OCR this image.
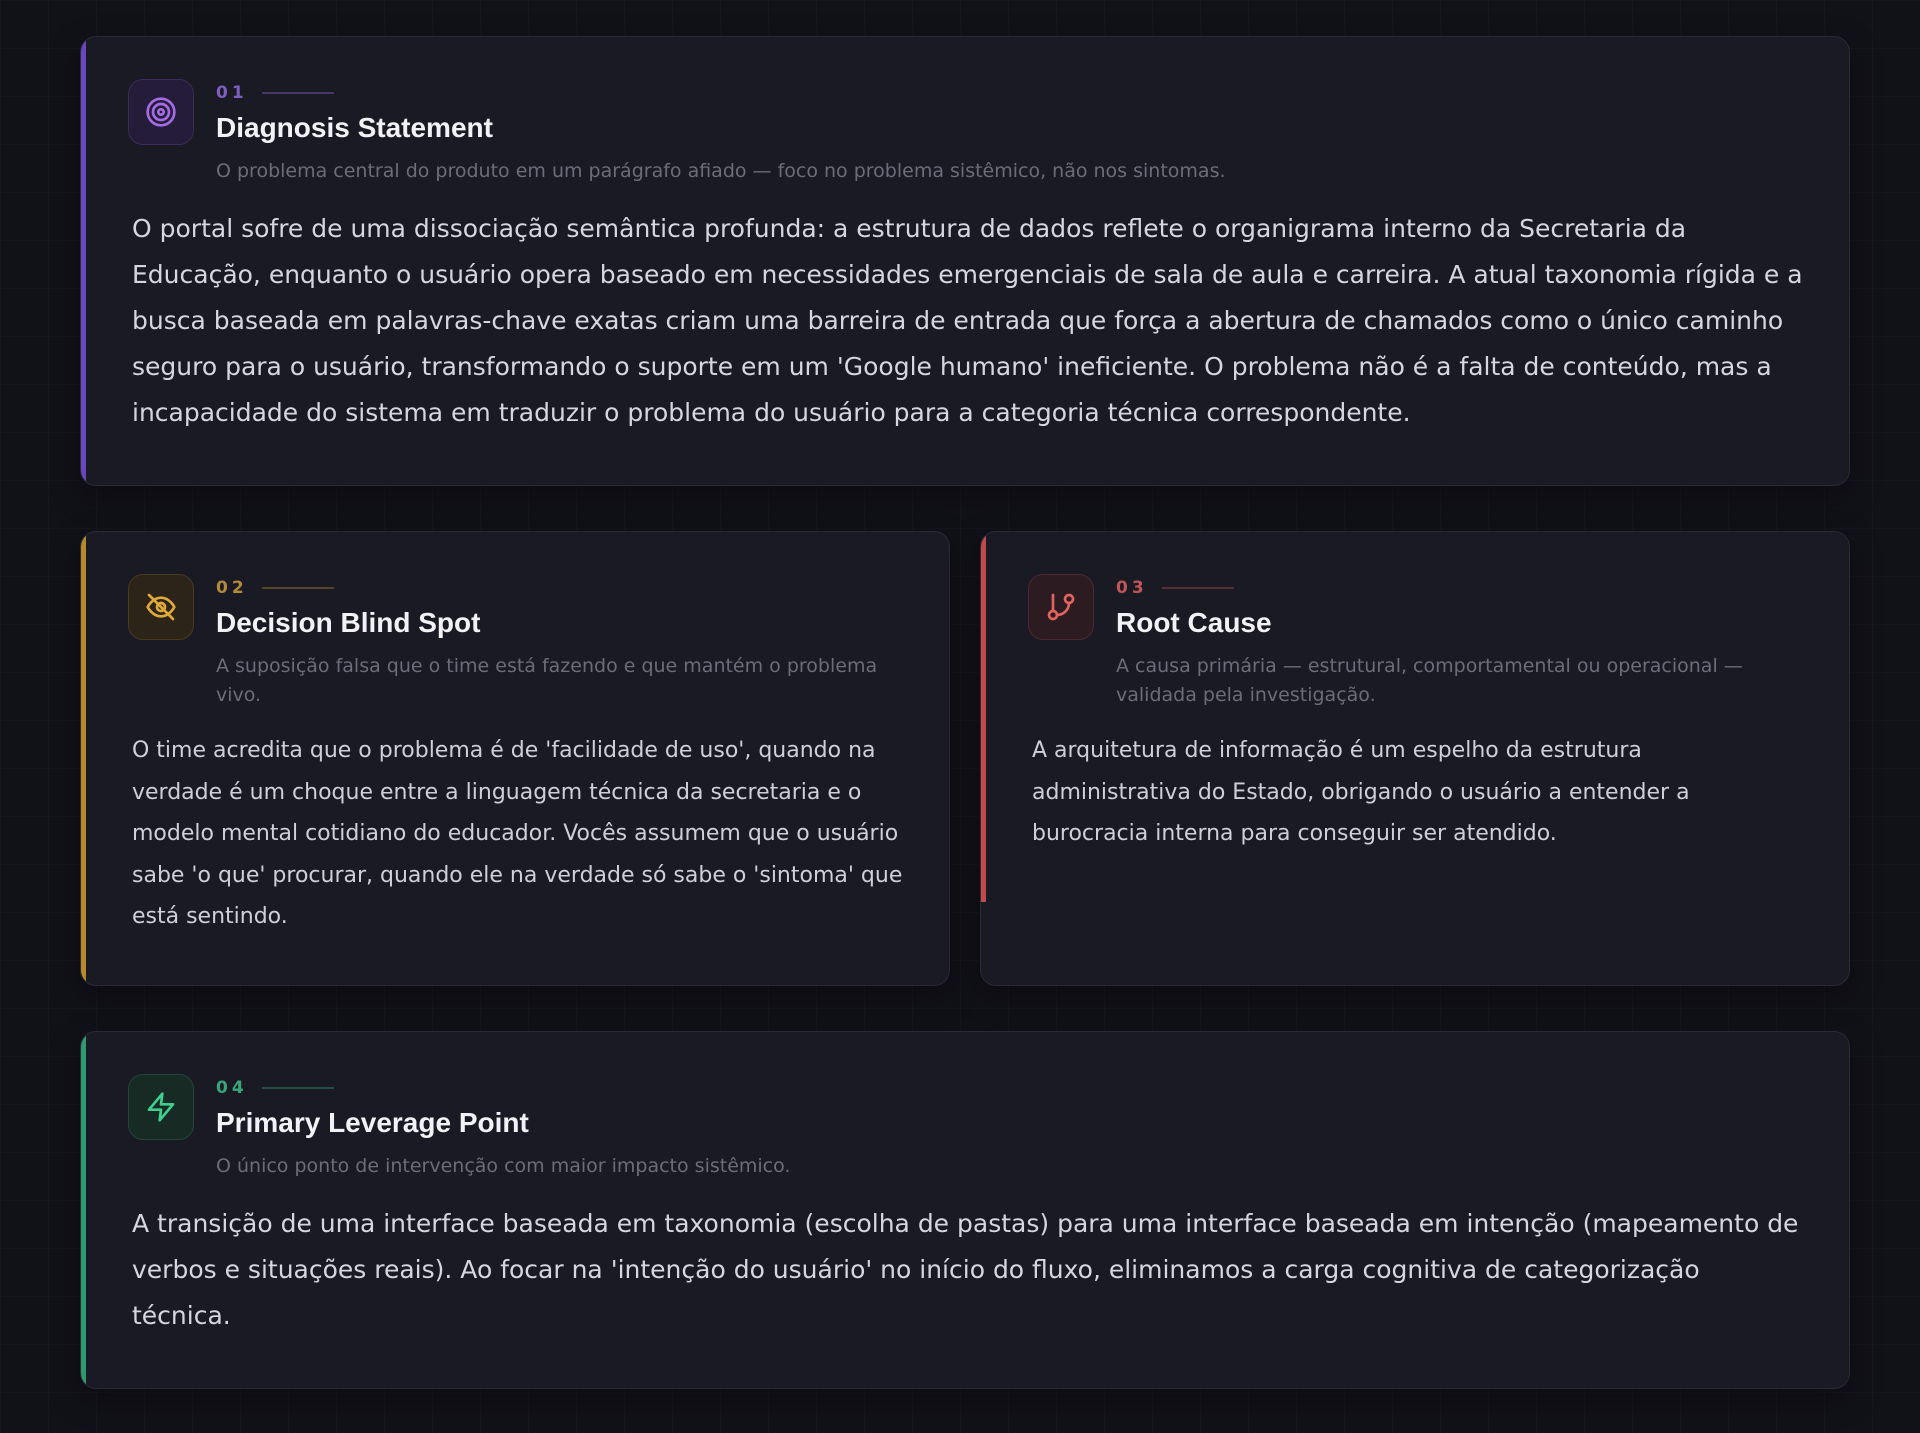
01
Diagnosis Statement
O problema central do produto em um parágrafo afiado — foco no problema sistêmico, não nos sintomas.
O portal sofre de uma dissociação semântica profunda: a estrutura de dados reflete o organigrama interno da Secretaria da Educação, enquanto o usuário opera baseado em necessidades emergenciais de sala de aula e carreira. A atual taxonomia rígida e a busca baseada em palavras-chave exatas criam uma barreira de entrada que força a abertura de chamados como o único caminho seguro para o usuário, transformando o suporte em um 'Google humano' ineficiente. O problema não é a falta de conteúdo, mas a incapacidade do sistema em traduzir o problema do usuário para a categoria técnica correspondente.
02
Decision Blind Spot
A suposição falsa que o time está fazendo e que mantém o problema vivo.
O time acredita que o problema é de 'facilidade de uso', quando na verdade é um choque entre a linguagem técnica da secretaria e o modelo mental cotidiano do educador. Vocês assumem que o usuário sabe 'o que' procurar, quando ele na verdade só sabe o 'sintoma' que está sentindo.
03
Root Cause
A causa primária — estrutural, comportamental ou operacional — validada pela investigação.
A arquitetura de informação é um espelho da estrutura administrativa do Estado, obrigando o usuário a entender a burocracia interna para conseguir ser atendido.
04
Primary Leverage Point
O único ponto de intervenção com maior impacto sistêmico.
A transição de uma interface baseada em taxonomia (escolha de pastas) para uma interface baseada em intenção (mapeamento de verbos e situações reais). Ao focar na 'intenção do usuário' no início do fluxo, eliminamos a carga cognitiva de categorização técnica.
